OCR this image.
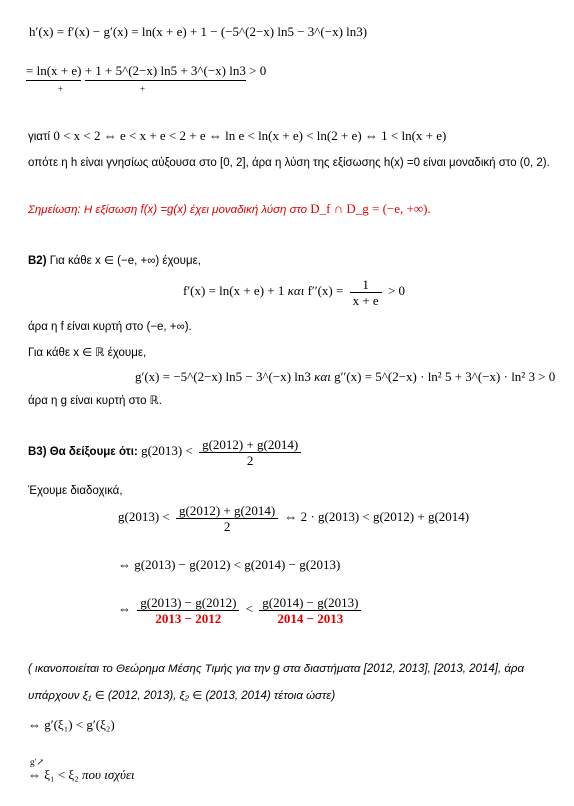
h′(x) = f′(x) − g′(x) = ln(x + e) + 1 − (−5^(2−x) ln5 − 3^(−x) ln3)
= ln(x + e) + 1 + 5^(2−x) ln5 + 3^(−x) ln3 > 0
+	+
γιατί 0 < x < 2 ⇔ e < x + e < 2 + e ⇔ ln e < ln(x + e) < ln(2 + e) ⇔ 1 < ln(x + e)
οπότε η h είναι γνησίως αύξουσα στο [0, 2], άρα η λύση της εξίσωσης h(x) =0 είναι μοναδική στο (0, 2).
Σημείωση: Η εξίσωση f(x) =g(x) έχει μοναδική λύση στο D_f ∩ D_g = (−e, +∞).
B2) Για κάθε x ∈ (−e, +∞) έχουμε,
f′(x) = ln(x + e) + 1 και $f''(x) = \frac{1}{x + e} > 0$
άρα η f είναι κυρτή στο (−e, +∞).
Για κάθε x ∈ ℝ έχουμε,
g′(x) = −5^(2−x) ln5 − 3^(−x) ln3 και g′′(x) = 5^(2−x) · ln² 5 + 3^(−x) · ln² 3 > 0
άρα η g είναι κυρτή στο ℝ.
B3) Θα δείξουμε ότι: $g(2013) < \frac{g(2012) + g(2014)}{2}$
Έχουμε διαδοχικά,
$g(2013) < \frac{g(2012) + g(2014)}{2}$ ⇔ 2 · g(2013) < g(2012) + g(2014)
⇔ g(2013) − g(2012) < g(2014) − g(2013)
⇔ $\frac{g(2013) - g(2012)}{2013 - 2012} < \frac{g(2014) - g(2013)}{2014 - 2013}$
( ικανοποιείται το Θεώρημα Μέσης Τιμής για την g στα διαστήματα [2012, 2013], [2013, 2014], άρα
υπάρχουν ξ₁ ∈ (2012, 2013), ξ₂ ∈ (2013, 2014) τέτοια ώστε)
⇔ g′(ξ₁) < g′(ξ₂)
g′↗
⇔ ξ₁ < ξ₂ που ισχύει
